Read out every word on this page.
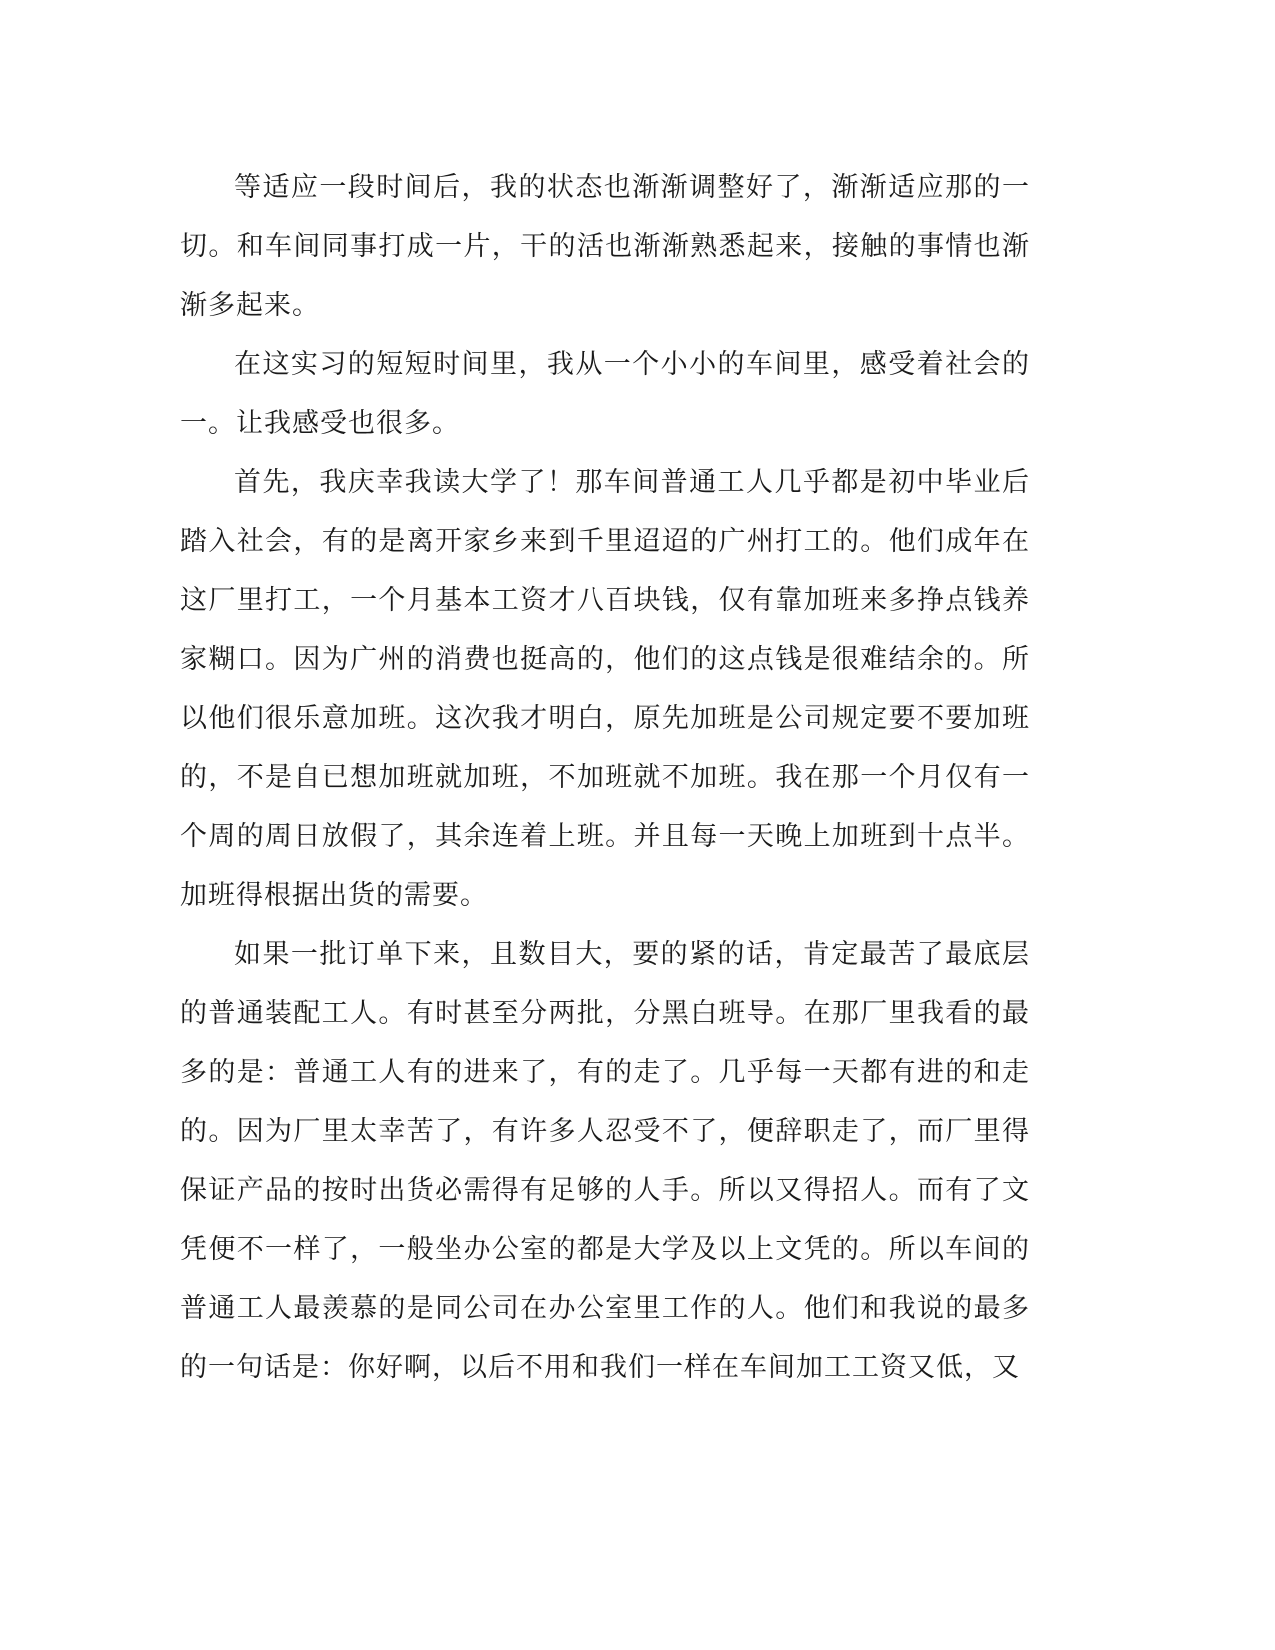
等适应一段时间后，我的状态也渐渐调整好了，渐渐适应那的一切。和车间同事打成一片，干的活也渐渐熟悉起来，接触的事情也渐渐多起来。

在这实习的短短时间里，我从一个小小的车间里，感受着社会的一。让我感受也很多。

首先，我庆幸我读大学了！那车间普通工人几乎都是初中毕业后踏入社会，有的是离开家乡来到千里迢迢的广州打工的。他们成年在这厂里打工，一个月基本工资才八百块钱，仅有靠加班来多挣点钱养家糊口。因为广州的消费也挺高的，他们的这点钱是很难结余的。所以他们很乐意加班。这次我才明白，原先加班是公司规定要不要加班的，不是自已想加班就加班，不加班就不加班。我在那一个月仅有一个周的周日放假了，其余连着上班。并且每一天晚上加班到十点半。加班得根据出货的需要。

如果一批订单下来，且数目大，要的紧的话，肯定最苦了最底层的普通装配工人。有时甚至分两批，分黑白班导。在那厂里我看的最多的是：普通工人有的进来了，有的走了。几乎每一天都有进的和走的。因为厂里太幸苦了，有许多人忍受不了，便辞职走了，而厂里得保证产品的按时出货必需得有足够的人手。所以又得招人。而有了文凭便不一样了，一般坐办公室的都是大学及以上文凭的。所以车间的普通工人最羡慕的是同公司在办公室里工作的人。他们和我说的最多的一句话是：你好啊，以后不用和我们一样在车间加工工资又低，又
